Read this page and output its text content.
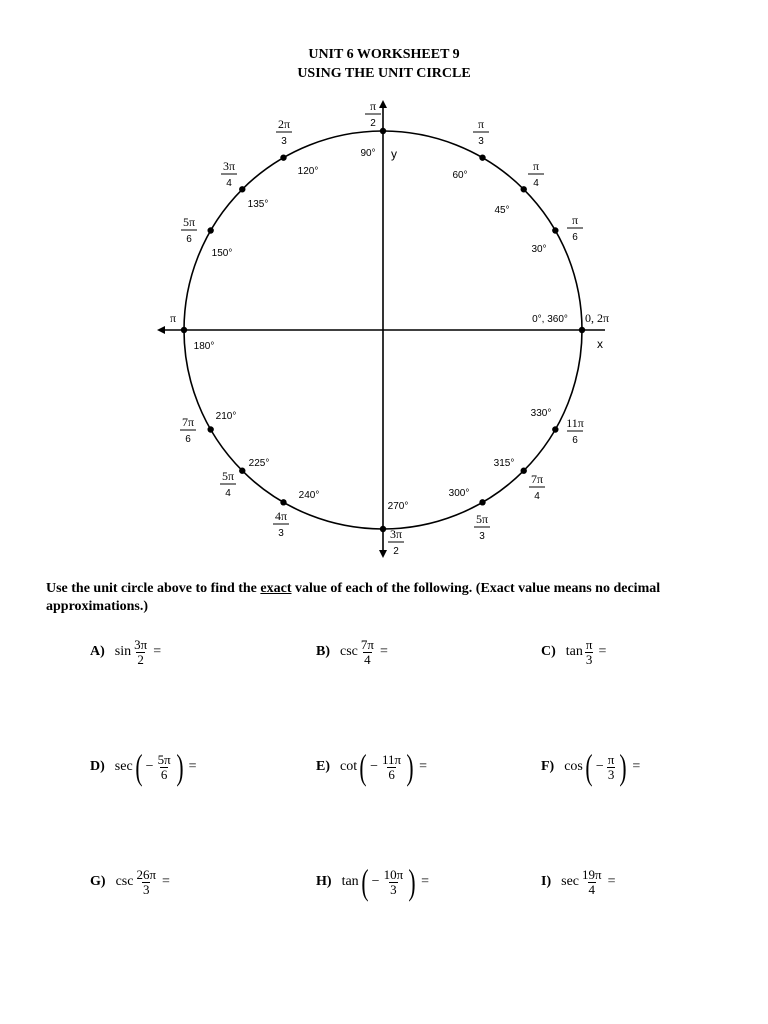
UNIT 6 WORKSHEET 9
USING THE UNIT CIRCLE
x
y
0°, 360° 0, 2π
30°
π
6
45°
π
4
60°
π
3
90°
π
2
120°
2π
3
135°
3π
4
150°
5π
6
180°
π
210°
7π
6
225°
5π
4	240°
4π
3
270°
3π
2
300°
5π
3
315°
7π
4
330°
11π
6
Use the unit circle above to find the exact value of each of the following. (Exact value means no decimal approximations.)
A) $\sin \frac{3\pi}{2}$ =	B) $\csc \frac{7\pi}{4}$ =	C) $\tan \frac{\pi}{3}$ =
D) sec ( − $\frac{5\pi}{6}$ ) =	E) cot ( − $\frac{11\pi}{6}$ ) =	F) cos ( − $\frac{\pi}{3}$ ) =
G) $\csc \frac{26\pi}{3}$ =	H) tan ( − $\frac{10\pi}{3}$ ) =	I) $\sec \frac{19\pi}{4}$ =
